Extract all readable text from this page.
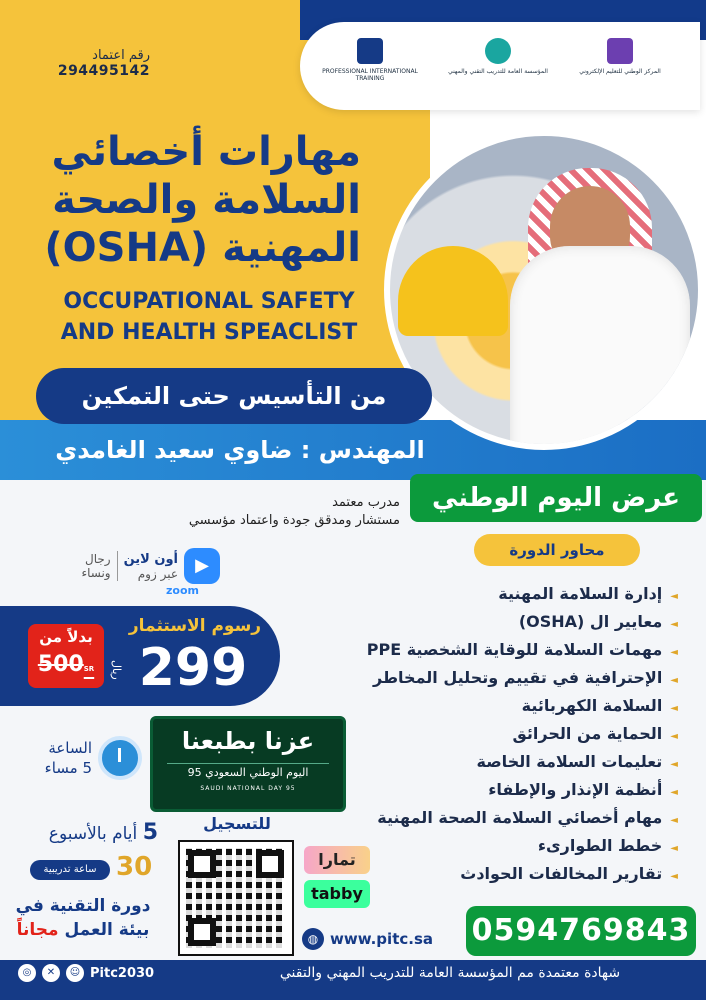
PROFESSIONAL INTERNATIONAL TRAINING
المؤسسة العامة للتدريب التقني والمهني	المركز الوطني للتعليم الإلكتروني
رقم اعتماد
294495142
مهارات أخصائي
السلامة والصحة
المهنية (OSHA)
OCCUPATIONAL SAFETY
AND HEALTH SPEACLIST
من التأسيس حتى التمكين
المهندس : ضاوي سعيد الغامدي
عرض اليوم الوطني
مدرب معتمد
مستشار ومدقق جودة واعتماد مؤسسي
محاور الدورة
◄إدارة السلامة المهنية
◄معايير ال (OSHA)
◄مهمات السلامة للوقاية الشخصية PPE
◄الإحترافية في تقييم وتحليل المخاطر
◄السلامة الكهربائية
◄الحماية من الحرائق
◄تعليمات السلامة الخاصة
◄أنظمة الإنذار والإطفاء
◄مهام أخصائي السلامة الصحة المهنية
◄خطط الطوارىء
◄تقارير المخالفات الحوادث
▶
أون لاين
عبر زوم
رجال
ونساء
zoom
رسوم الاستثمار
299
ريال
بدلاً من
500SR
عزنا بطبعنا
اليوم الوطني السعودي 95
SAUDI NATIONAL DAY 95
الساعة
5 مساء
للتسجيل
5 أيام بالأسبوع
30
ساعة تدريبية
دورة التقنية في
بيئة العمل مجاناً
تمارا
tabby
◍ www.pitc.sa 0594769843
شهادة معتمدة مم المؤسسة العامة للتدريب المهني والتقني
◎	✕	☺ Pitc2030
